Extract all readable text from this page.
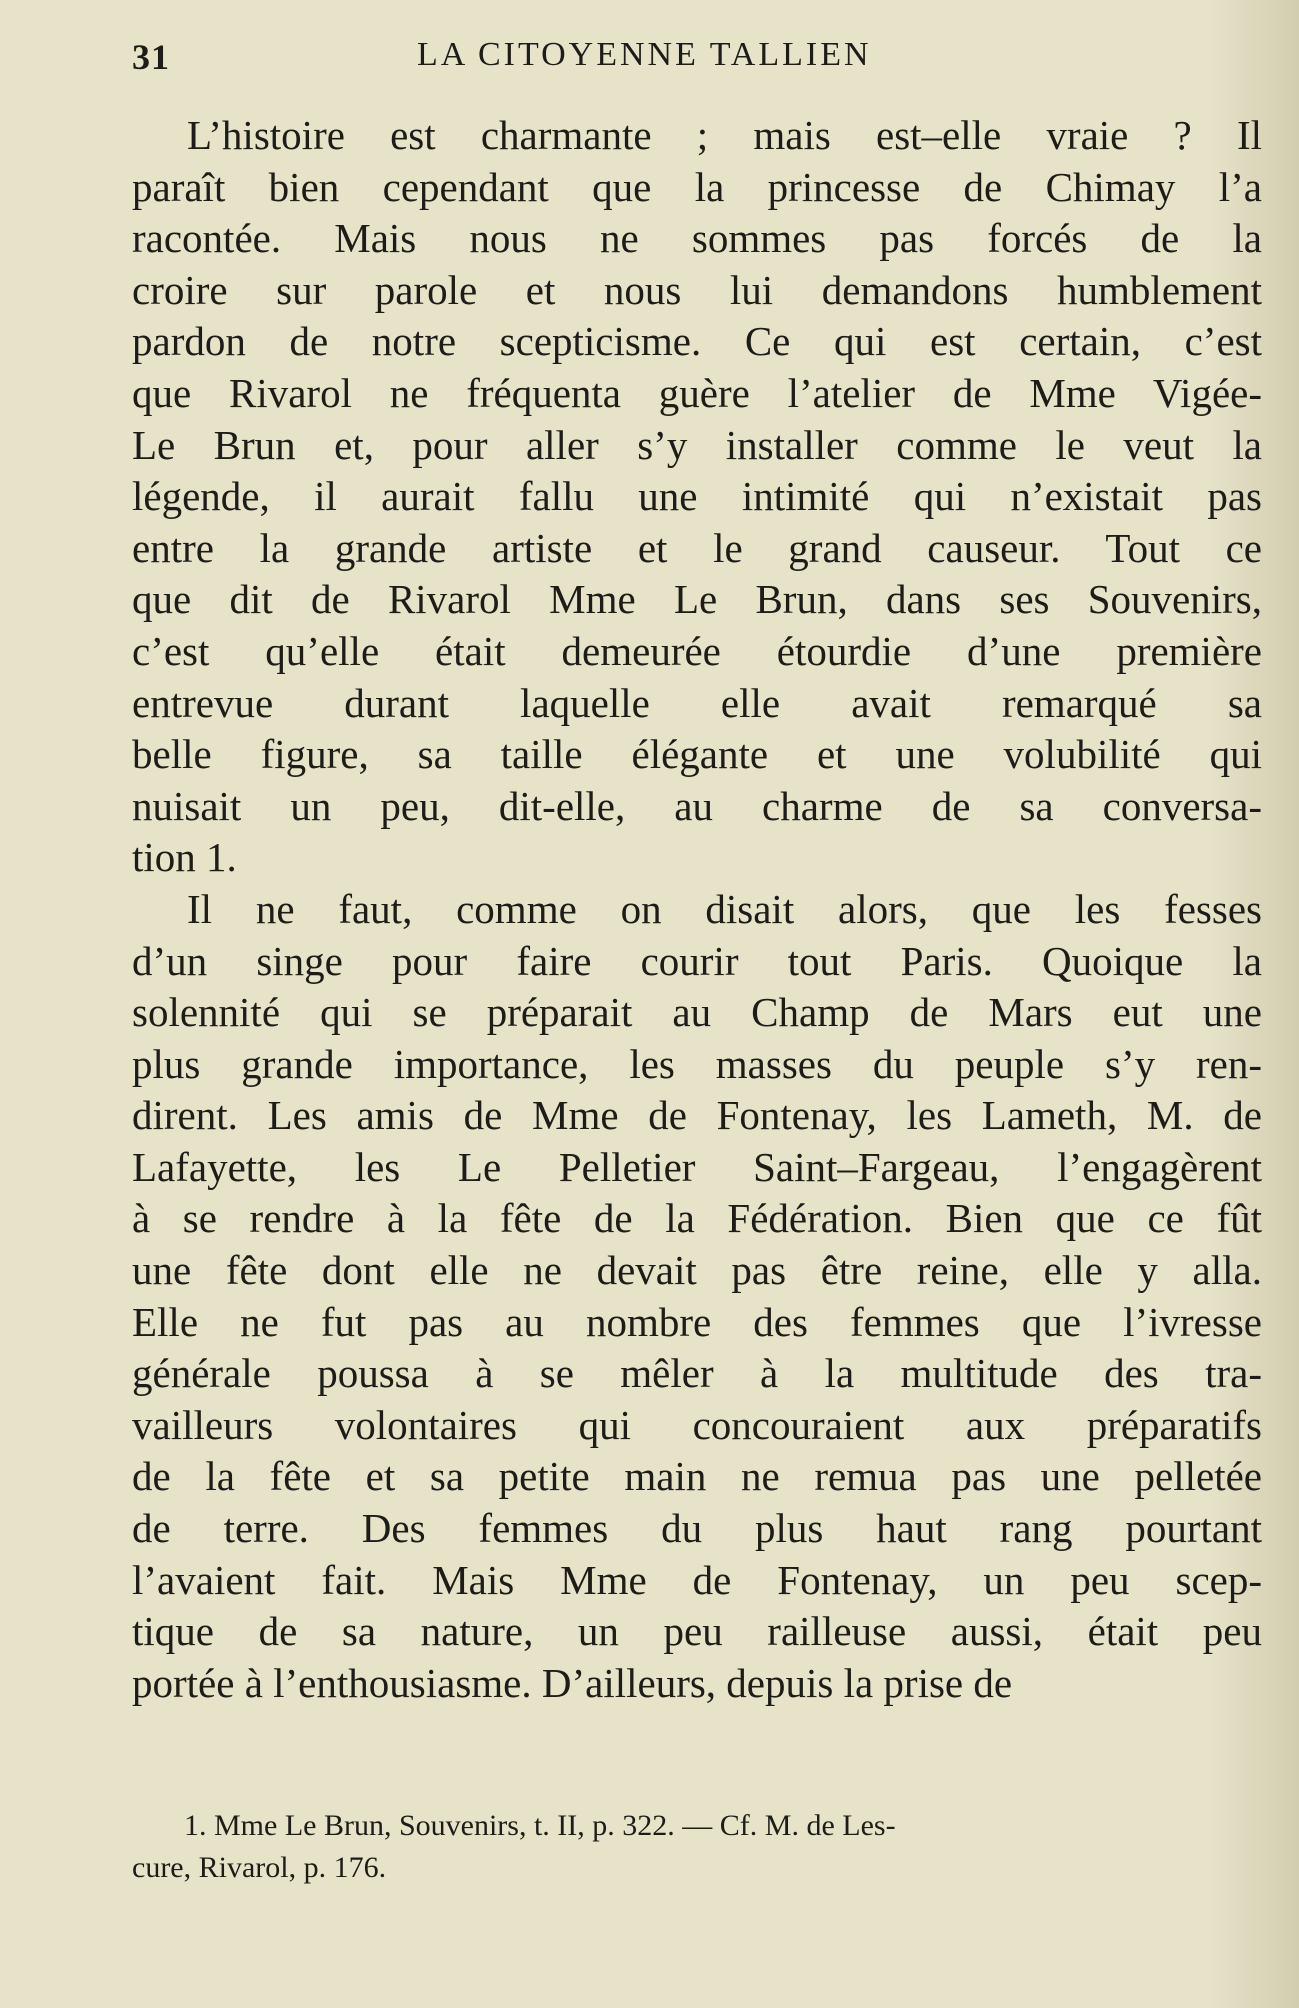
31	LA CITOYENNE TALLIEN
L’histoire est charmante ; mais est–elle vraie ? Il
paraît bien cependant que la princesse de Chimay l’a
racontée. Mais nous ne sommes pas forcés de la
croire sur parole et nous lui demandons humblement
pardon de notre scepticisme. Ce qui est certain, c’est
que Rivarol ne fréquenta guère l’atelier de Mme Vigée-
Le Brun et, pour aller s’y installer comme le veut la
légende, il aurait fallu une intimité qui n’existait pas
entre la grande artiste et le grand causeur. Tout ce
que dit de Rivarol Mme Le Brun, dans ses Souvenirs,
c’est qu’elle était demeurée étourdie d’une première
entrevue durant laquelle elle avait remarqué sa
belle figure, sa taille élégante et une volubilité qui
nuisait un peu, dit-elle, au charme de sa conversa-
tion 1.
Il ne faut, comme on disait alors, que les fesses
d’un singe pour faire courir tout Paris. Quoique la
solennité qui se préparait au Champ de Mars eut une
plus grande importance, les masses du peuple s’y ren-
dirent. Les amis de Mme de Fontenay, les Lameth, M. de
Lafayette, les Le Pelletier Saint–Fargeau, l’engagèrent
à se rendre à la fête de la Fédération. Bien que ce fût
une fête dont elle ne devait pas être reine, elle y alla.
Elle ne fut pas au nombre des femmes que l’ivresse
générale poussa à se mêler à la multitude des tra-
vailleurs volontaires qui concouraient aux préparatifs
de la fête et sa petite main ne remua pas une pelletée
de terre. Des femmes du plus haut rang pourtant
l’avaient fait. Mais Mme de Fontenay, un peu scep-
tique de sa nature, un peu railleuse aussi, était peu
portée à l’enthousiasme. D’ailleurs, depuis la prise de
1. Mme Le Brun, Souvenirs, t. II, p. 322. — Cf. M. de Les-
cure, Rivarol, p. 176.
